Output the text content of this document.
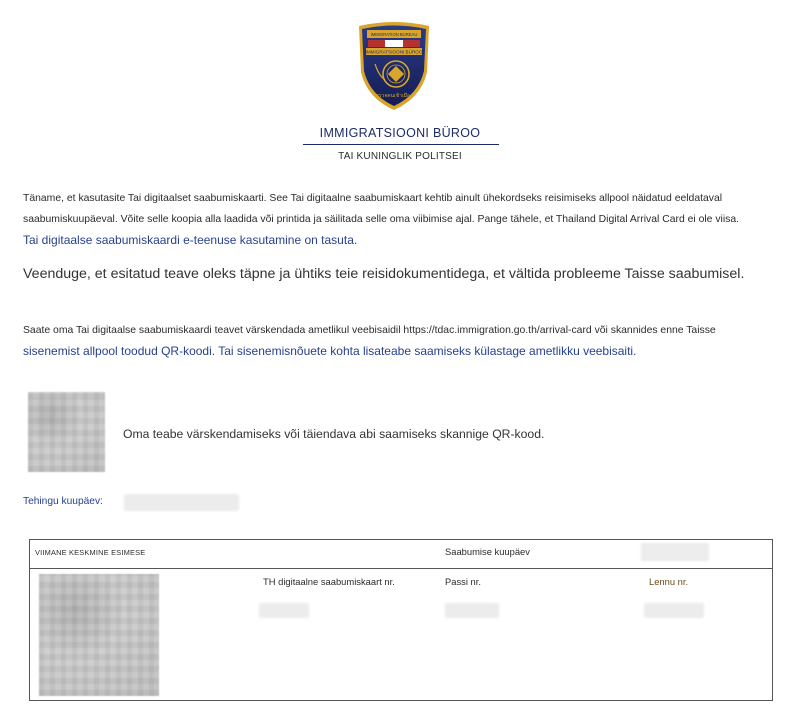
IMMIGRATION BUREAU
IMMIGRATSIOONI BÜROO
ตรวจคนเข้าเมือง
IMMIGRATSIOONI BÜROO
TAI KUNINGLIK POLITSEI
Täname, et kasutasite Tai digitaalset saabumiskaarti. See Tai digitaalne saabumiskaart kehtib ainult ühekordseks reisimiseks allpool näidatud eeldataval
saabumiskuupäeval. Võite selle koopia alla laadida või printida ja säilitada selle oma viibimise ajal. Pange tähele, et Thailand Digital Arrival Card ei ole viisa.
Tai digitaalse saabumiskaardi e-teenuse kasutamine on tasuta.
Veenduge, et esitatud teave oleks täpne ja ühtiks teie reisidokumentidega, et vältida probleeme Taisse saabumisel.
Saate oma Tai digitaalse saabumiskaardi teavet värskendada ametlikul veebisaidil https://tdac.immigration.go.th/arrival-card või skannides enne Taisse
sisenemist allpool toodud QR-koodi. Tai sisenemisnõuete kohta lisateabe saamiseks külastage ametlikku veebisaiti.
Oma teabe värskendamiseks või täiendava abi saamiseks skannige QR-kood.
Tehingu kuupäev:
VIIMANE KESKMINE ESIMESE	Saabumise kuupäev
TH digitaalne saabumiskaart nr.	Passi nr.	Lennu nr.
